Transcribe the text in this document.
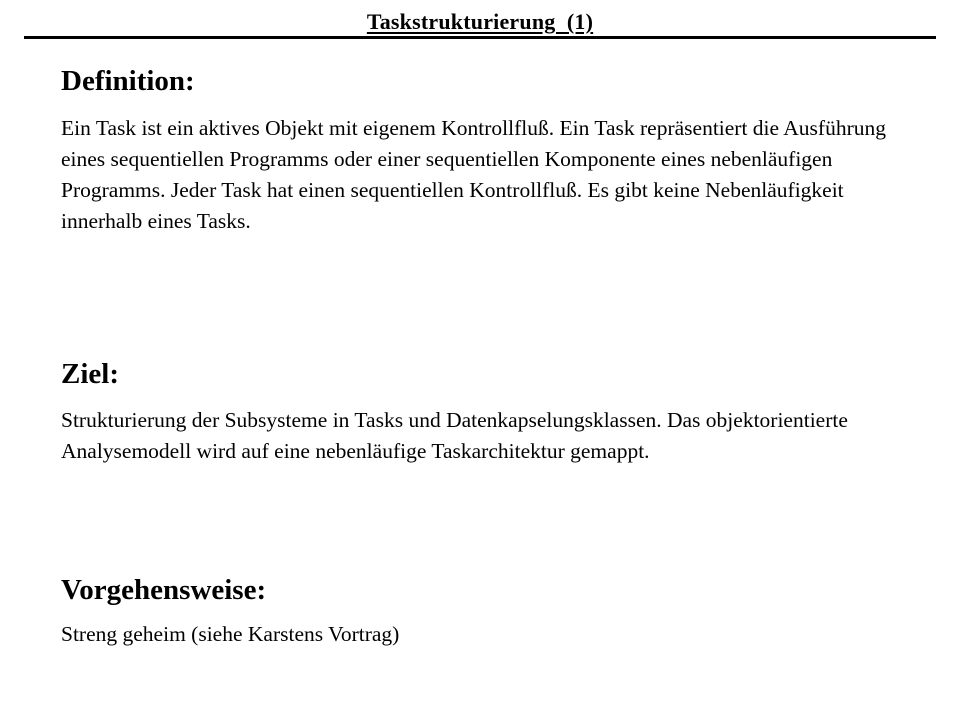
Taskstrukturierung  (1)
Definition:

Ein Task ist ein aktives Objekt mit eigenem Kontrollfluß. Ein Task repräsentiert die Ausführung eines sequentiellen Programms oder einer sequentiellen Komponente eines nebenläufigen Programms. Jeder Task hat einen sequentiellen Kontrollfluß. Es gibt keine Nebenläufigkeit innerhalb eines Tasks.

Ziel:

Strukturierung der Subsysteme in Tasks und Datenkapselungsklassen. Das objektorientierte Analysemodell wird auf eine nebenläufige Taskarchitektur gemappt.

Vorgehensweise:

Streng geheim (siehe Karstens Vortrag)
